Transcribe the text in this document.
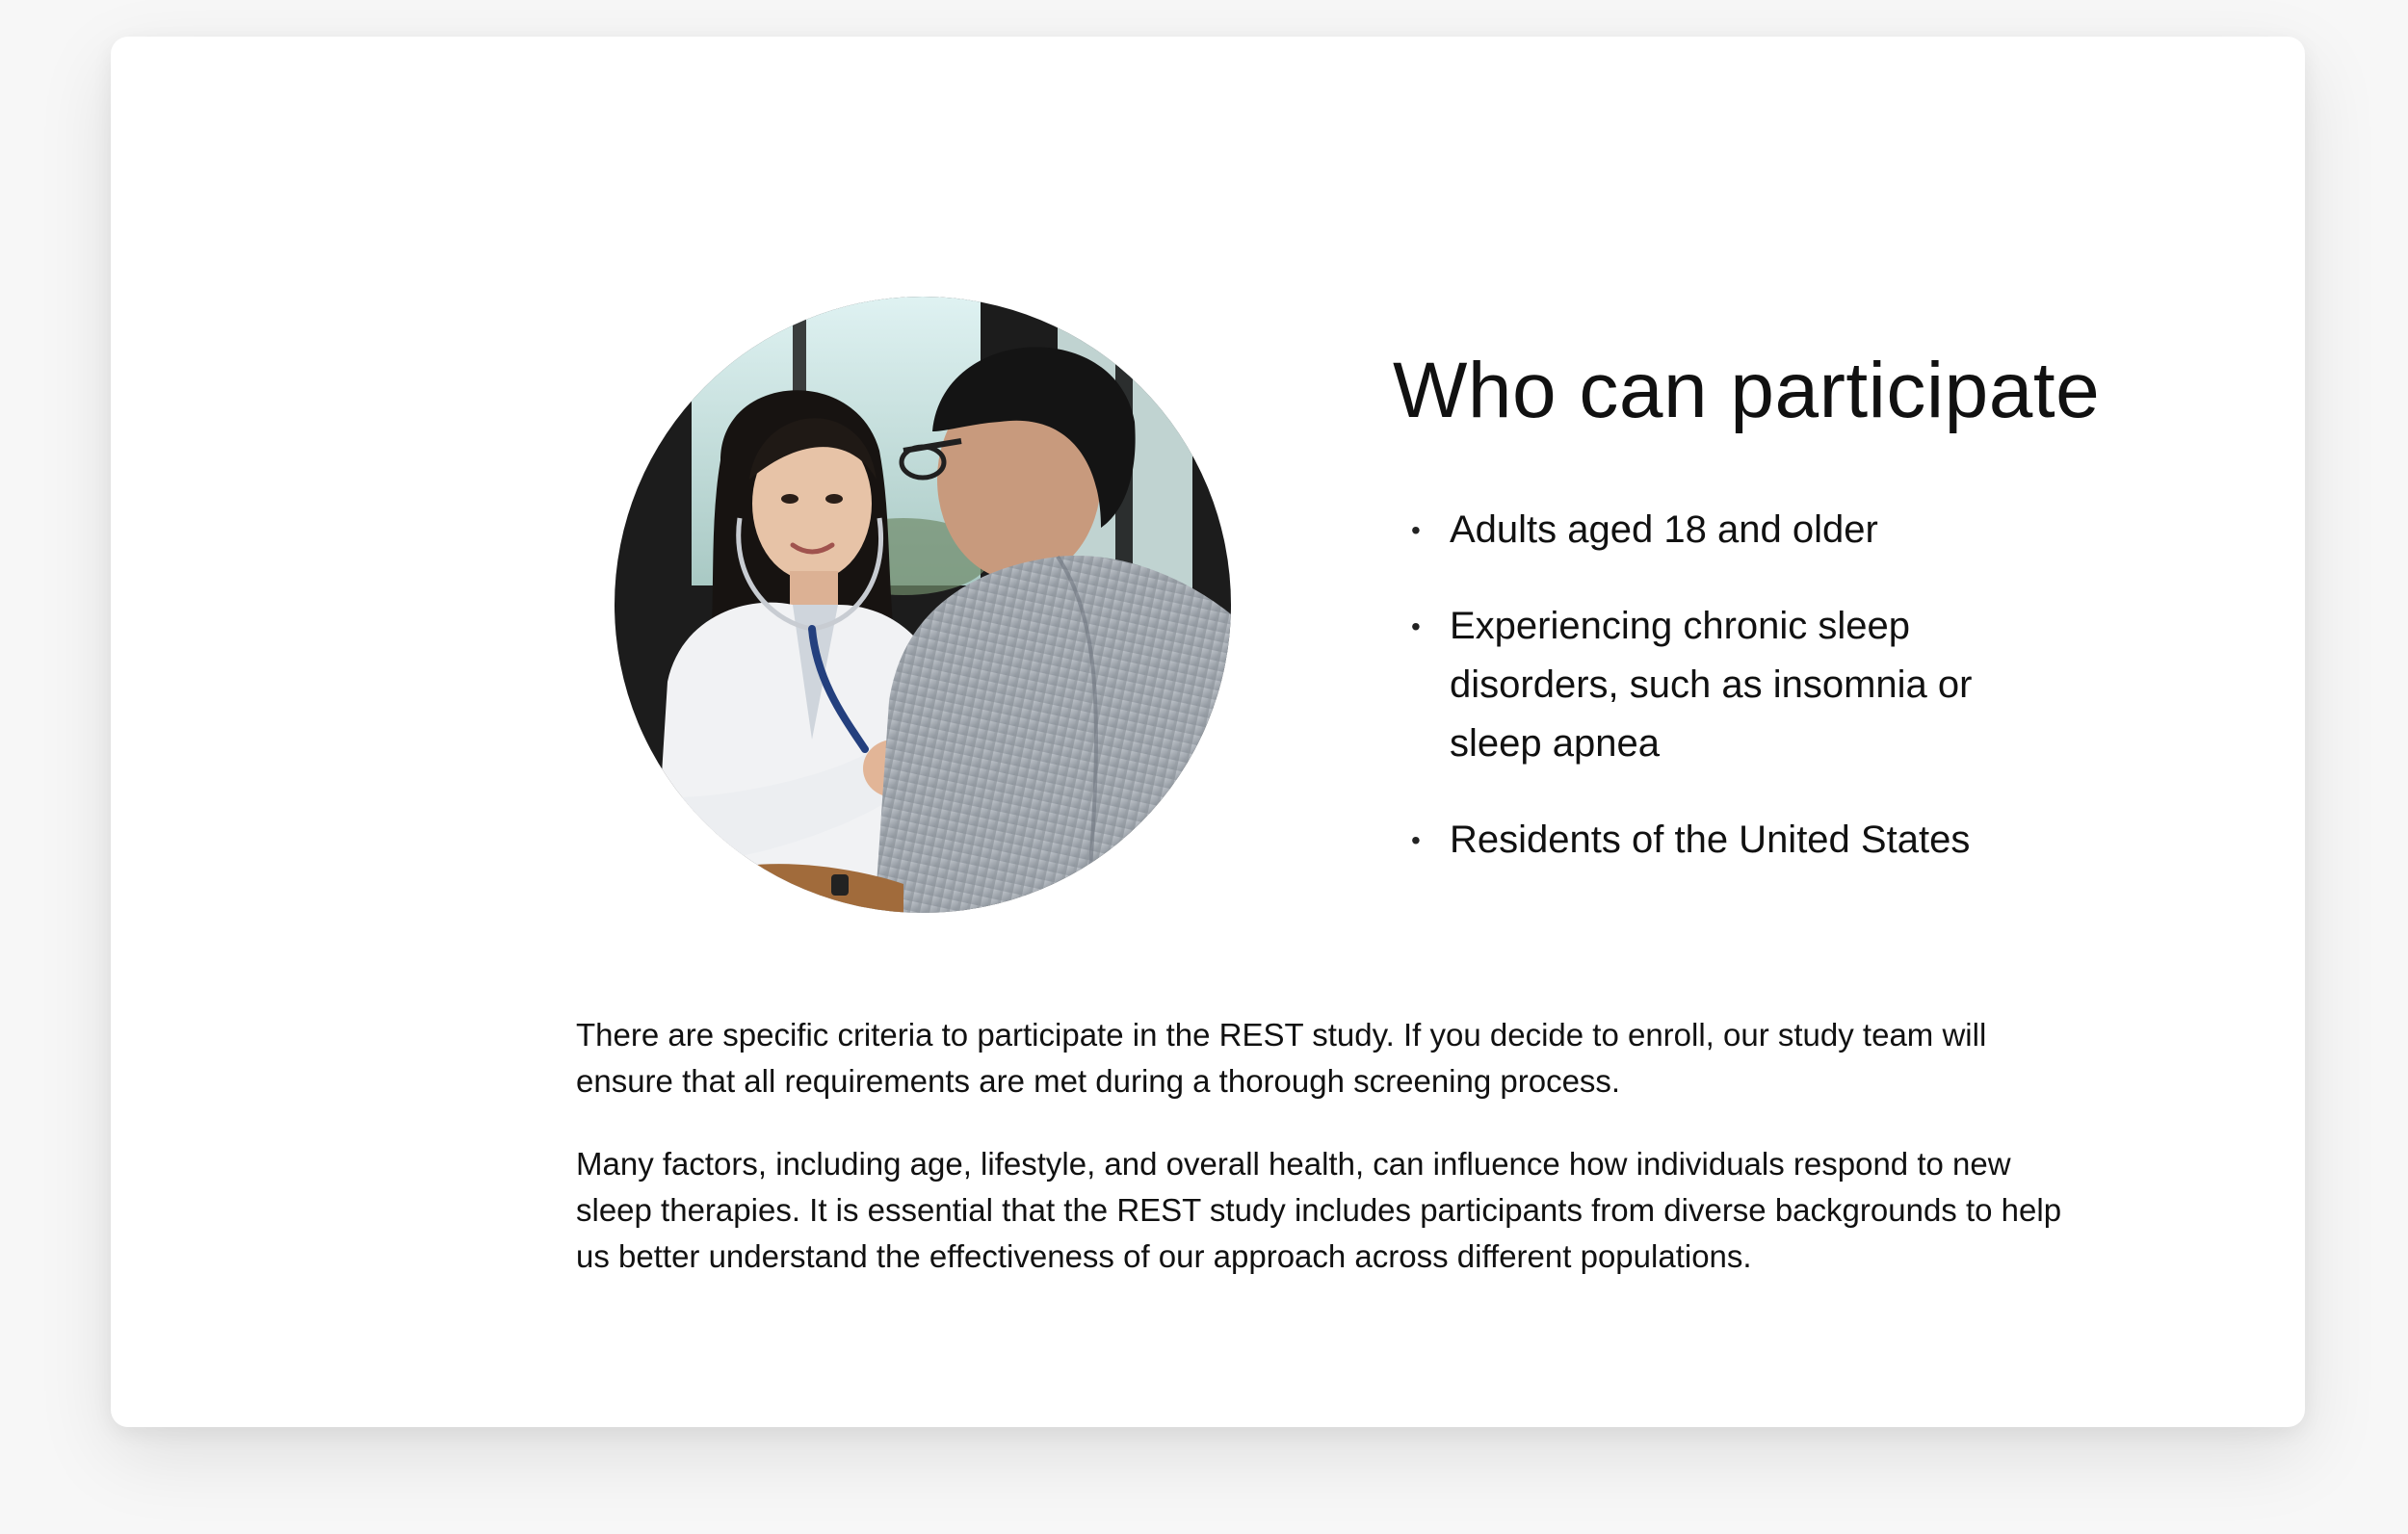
Who can participate
• Adults aged 18 and older
• Experiencing chronic sleep disorders, such as insomnia or sleep apnea
• Residents of the United States

There are specific criteria to participate in the REST study. If you decide to enroll, our study team will ensure that all requirements are met during a thorough screening process.

Many factors, including age, lifestyle, and overall health, can influence how individuals respond to new sleep therapies. It is essential that the REST study includes participants from diverse backgrounds to help us better understand the effectiveness of our approach across different populations.
